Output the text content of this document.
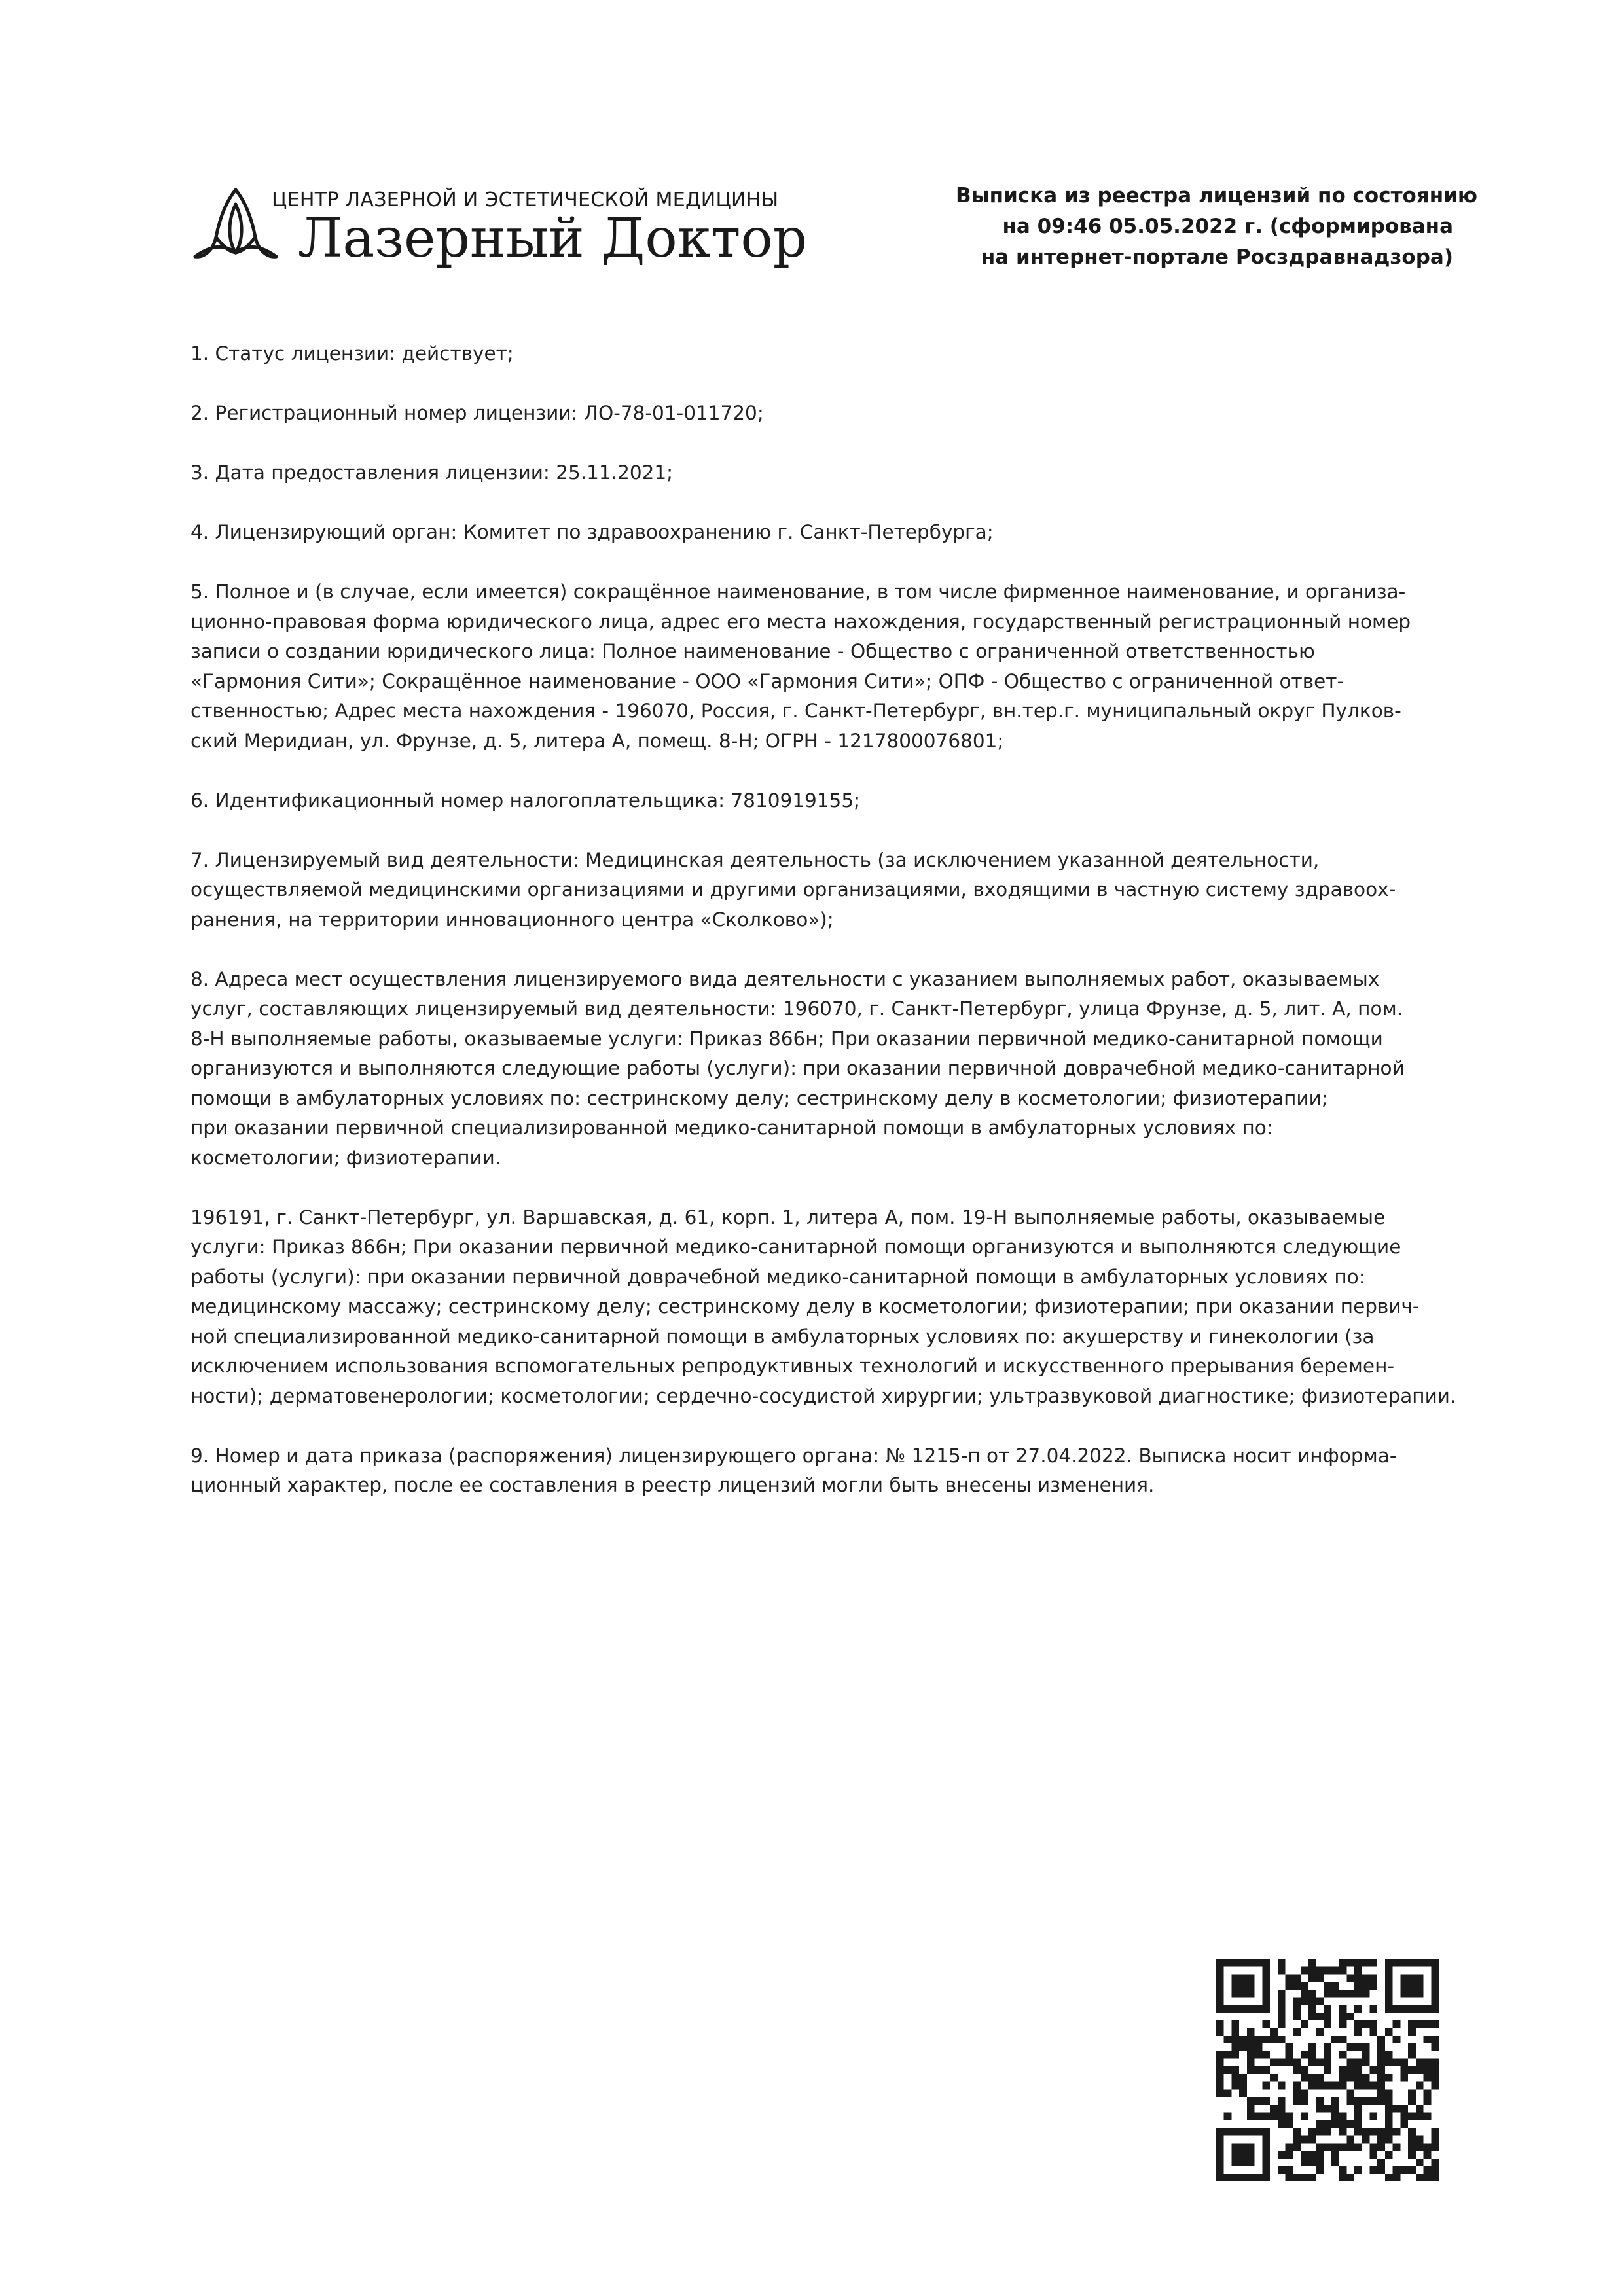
ЦЕНТР ЛАЗЕРНОЙ И ЭСТЕТИЧЕСКОЙ МЕДИЦИНЫ
Лазерный Доктор
Выписка из реестра лицензий по состоянию
на 09:46 05.05.2022 г. (сформирована
на интернет-портале Росздравнадзора)

1. Статус лицензии: действует;

2. Регистрационный номер лицензии: ЛО-78-01-011720;

3. Дата предоставления лицензии: 25.11.2021;

4. Лицензирующий орган: Комитет по здравоохранению г. Санкт-Петербурга;

5. Полное и (в случае, если имеется) сокращённое наименование, в том числе фирменное наименование, и организа-
ционно-правовая форма юридического лица, адрес его места нахождения, государственный регистрационный номер
записи о создании юридического лица: Полное наименование - Общество с ограниченной ответственностью
«Гармония Сити»; Сокращённое наименование - ООО «Гармония Сити»; ОПФ - Общество с ограниченной ответ-
ственностью; Адрес места нахождения - 196070, Россия, г. Санкт-Петербург, вн.тер.г. муниципальный округ Пулков-
ский Меридиан, ул. Фрунзе, д. 5, литера А, помещ. 8-Н; ОГРН - 1217800076801;

6. Идентификационный номер налогоплательщика: 7810919155;

7. Лицензируемый вид деятельности: Медицинская деятельность (за исключением указанной деятельности,
осуществляемой медицинскими организациями и другими организациями, входящими в частную систему здравоох-
ранения, на территории инновационного центра «Сколково»);

8. Адреса мест осуществления лицензируемого вида деятельности с указанием выполняемых работ, оказываемых
услуг, составляющих лицензируемый вид деятельности: 196070, г. Санкт-Петербург, улица Фрунзе, д. 5, лит. А, пом.
8-Н выполняемые работы, оказываемые услуги: Приказ 866н; При оказании первичной медико-санитарной помощи
организуются и выполняются следующие работы (услуги): при оказании первичной доврачебной медико-санитарной
помощи в амбулаторных условиях по: сестринскому делу; сестринскому делу в косметологии; физиотерапии;
при оказании первичной специализированной медико-санитарной помощи в амбулаторных условиях по:
косметологии; физиотерапии.

196191, г. Санкт-Петербург, ул. Варшавская, д. 61, корп. 1, литера А, пом. 19-Н выполняемые работы, оказываемые
услуги: Приказ 866н; При оказании первичной медико-санитарной помощи организуются и выполняются следующие
работы (услуги): при оказании первичной доврачебной медико-санитарной помощи в амбулаторных условиях по:
медицинскому массажу; сестринскому делу; сестринскому делу в косметологии; физиотерапии; при оказании первич-
ной специализированной медико-санитарной помощи в амбулаторных условиях по: акушерству и гинекологии (за
исключением использования вспомогательных репродуктивных технологий и искусственного прерывания беремен-
ности); дерматовенерологии; косметологии; сердечно-сосудистой хирургии; ультразвуковой диагностике; физиотерапии.

9. Номер и дата приказа (распоряжения) лицензирующего органа: № 1215-п от 27.04.2022. Выписка носит информа-
ционный характер, после ее составления в реестр лицензий могли быть внесены изменения.
